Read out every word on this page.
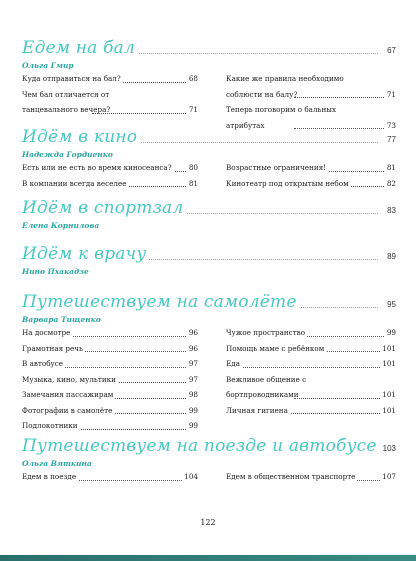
Едем на бал	67
Ольга Гмир
Куда отправиться на бал?	68
Чем бал отличается от танцевального вечера?	71
Какие же правила необходимо соблюсти на балу?	71
Теперь поговорим о бальных атрибутах	73
Идём в кино	77
Надежда Гордиенко
Есть или не есть во время киносеанса? 80
В компании всегда веселее	81
Возрастные ограничения!	81
Кинотеатр под открытым небом	82
Идём в спортзал	83
Елена Корнилова
Идём к врачу	89
Нино Пхакадзе
Путешествуем на самолёте	95
Варвара Тищенко
На досмотре	96
Грамотная речь	96
В автобусе	97
Музыка, кино, мультики	97
Замечания пассажирам	98
Фотографии в самолёте	99
Подлокотники	99
Чужое пространство	99
Помощь маме с ребёнком	101
Еда	101
Вежливое общение с бортпроводниками	101
Личная гигиена	101
Путешествуем на поезде и автобусе 103
Ольга Вяткина
Едем в поезде	104	Едем в общественном транспорте	107
122
